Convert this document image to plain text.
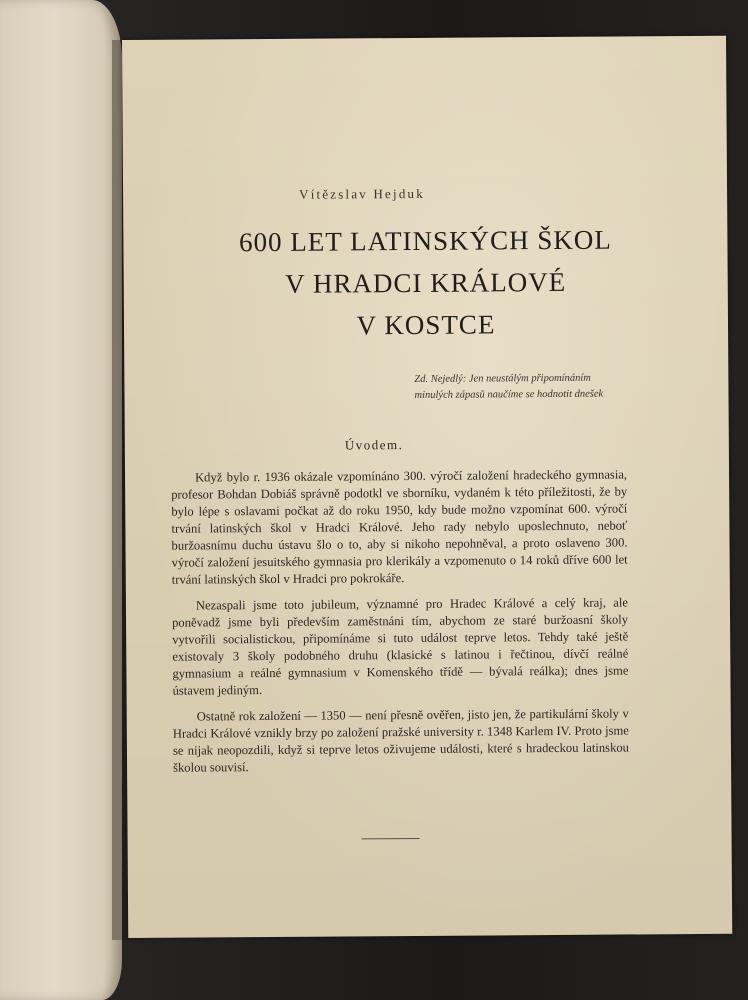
Vítězslav Hejduk
600 LET LATINSKÝCH ŠKOL
V HRADCI KRÁLOVÉ
V KOSTCE
Zd. Nejedlý: Jen neustálým připomínáním
minulých zápasů naučíme se hodnotit dnešek
Úvodem.

Když bylo r. 1936 okázale vzpomínáno 300. výročí založení hradeckého gymnasia, profesor Bohdan Dobiáš správně podotkl ve sborníku, vydaném k této příležitosti, že by bylo lépe s oslavami počkat až do roku 1950, kdy bude možno vzpomínat 600. výročí trvání latinských škol v Hradci Králové. Jeho rady nebylo uposlechnuto, neboť buržoasnímu duchu ústavu šlo o to, aby si nikoho nepohněval, a proto oslaveno 300. výročí založení jesuitského gymnasia pro klerikály a vzpomenuto o 14 roků dříve 600 let trvání latinských škol v Hradci pro pokrokáře.

Nezaspali jsme toto jubileum, významné pro Hradec Králové a celý kraj, ale poněvadž jsme byli především zaměstnáni tím, abychom ze staré buržoasní školy vytvořili socialistickou, připomínáme si tuto událost teprve letos. Tehdy také ještě existovaly 3 školy podobného druhu (klasické s latinou i řečtinou, dívčí reálné gymnasium a reálné gymnasium v Komenského třídě — bývalá reálka); dnes jsme ústavem jediným.

Ostatně rok založení — 1350 — není přesně ověřen, jisto jen, že partikulární školy v Hradci Králové vznikly brzy po založení pražské university r. 1348 Karlem IV. Proto jsme se nijak neopozdili, když si teprve letos oživujeme události, které s hradeckou latinskou školou souvisí.
